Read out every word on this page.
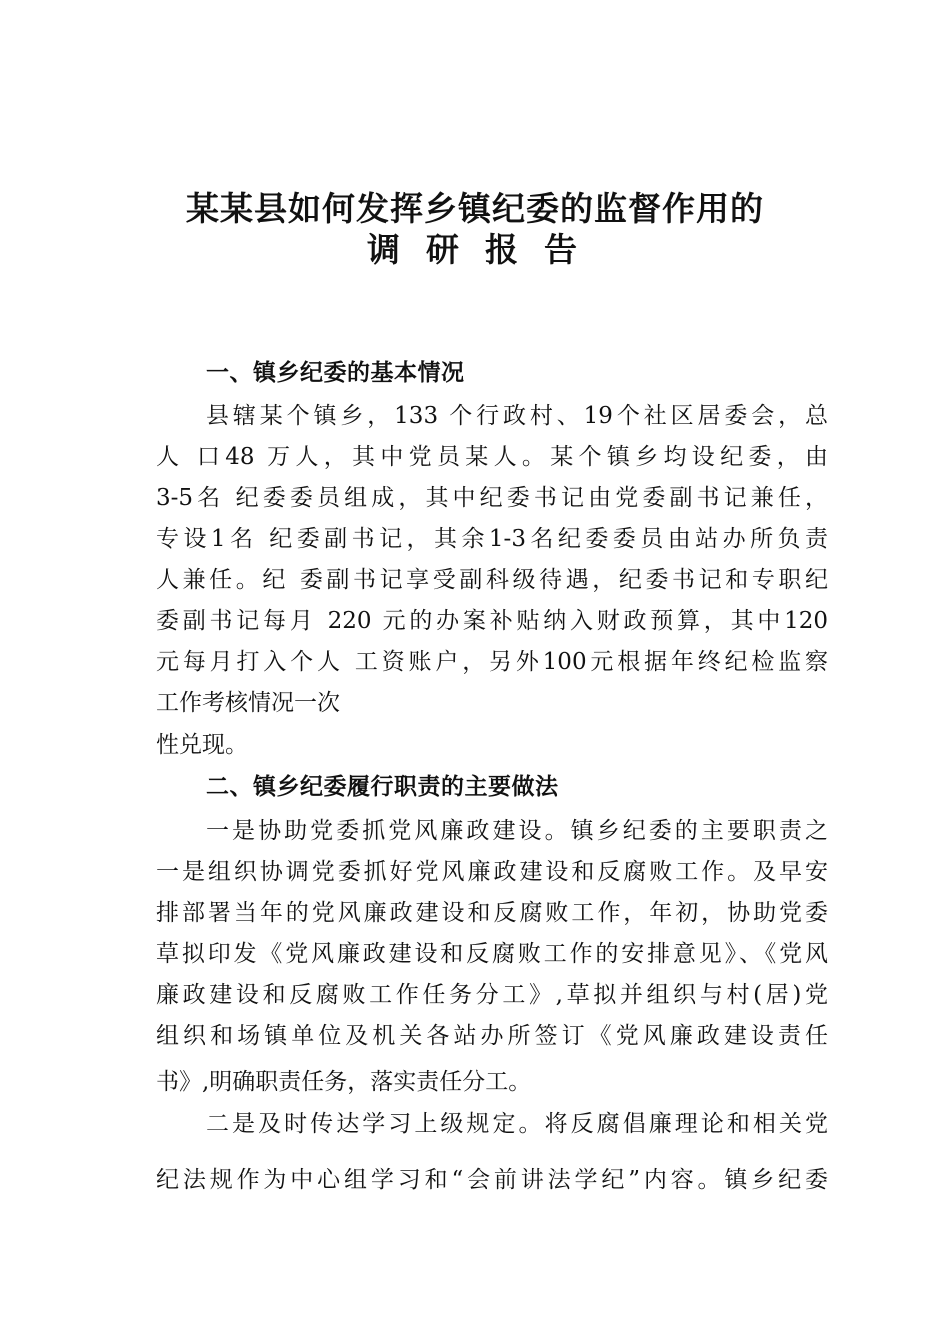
某某县如何发挥乡镇纪委的监督作用的
调研报告
一、镇乡纪委的基本情况
县辖某个镇乡，133 个行政村、19个社区居委会，总
人 口48 万人，其中党员某人。某个镇乡均设纪委，由
3-5名 纪委委员组成，其中纪委书记由党委副书记兼任，
专设1名 纪委副书记，其余1-3名纪委委员由站办所负责
人兼任。纪 委副书记享受副科级待遇，纪委书记和专职纪
委副书记每月 220 元的办案补贴纳入财政预算，其中120
元每月打入个人 工资账户，另外100元根据年终纪检监察
工作考核情况一次
性兑现。
二、镇乡纪委履行职责的主要做法
一是协助党委抓党风廉政建设。镇乡纪委的主要职责之
一是组织协调党委抓好党风廉政建设和反腐败工作。及早安
排部署当年的党风廉政建设和反腐败工作，年初，协助党委
草拟印发《党风廉政建设和反腐败工作的安排意见》、《党风
廉政建设和反腐败工作任务分工》,草拟并组织与村(居)党
组织和场镇单位及机关各站办所签订《党风廉政建设责任
书》,明确职责任务，落实责任分工。
二是及时传达学习上级规定。将反腐倡廉理论和相关党
纪法规作为中心组学习和“会前讲法学纪”内容。镇乡纪委
